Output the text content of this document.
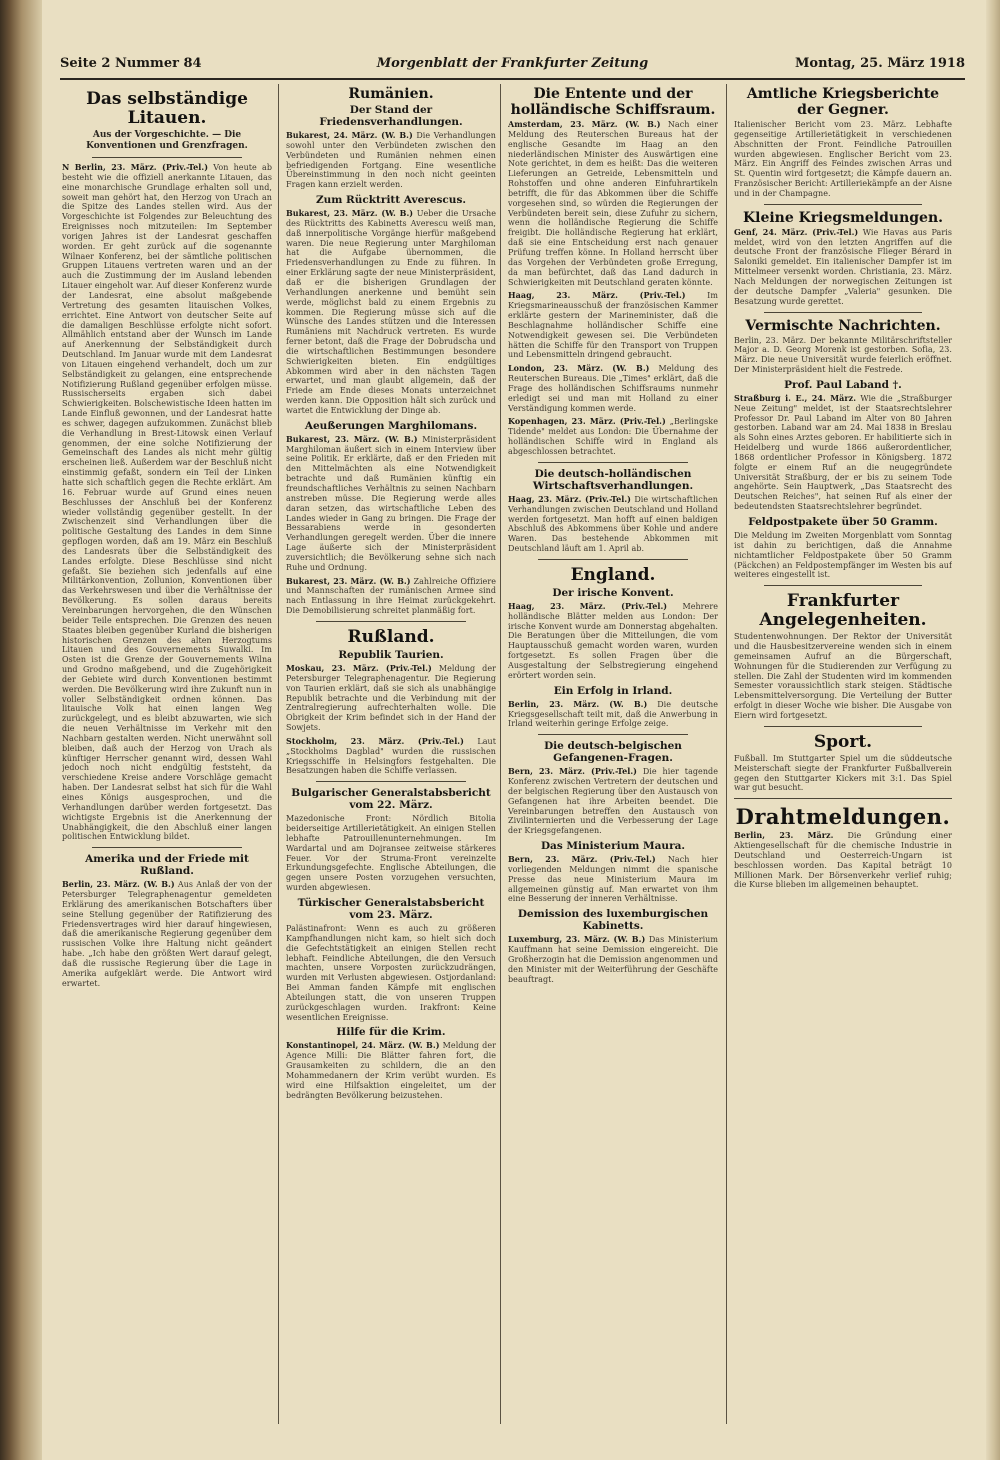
Seite 2 Nummer 84	Morgenblatt der Frankfurter Zeitung	Montag, 25. März 1918
Das selbständige Litauen.
Aus der Vorgeschichte. — Die Konventionen und Grenzfragen.

N Berlin, 23. März. (Priv.-Tel.) Von heute ab besteht wie die offiziell anerkannte Litauen, das eine monarchische Grundlage erhalten soll und, soweit man gehört hat, den Herzog von Urach an die Spitze des Landes stellen wird. Aus der Vorgeschichte ist Folgendes zur Beleuchtung des Ereignisses noch mitzuteilen: Im September vorigen Jahres ist der Landesrat geschaffen worden. Er geht zurück auf die sogenannte Wilnaer Konferenz, bei der sämtliche politischen Gruppen Litauens vertreten waren und an der auch die Zustimmung der im Ausland lebenden Litauer eingeholt war. Auf dieser Konferenz wurde der Landesrat, eine absolut maßgebende Vertretung des gesamten litauischen Volkes, errichtet. Eine Antwort von deutscher Seite auf die damaligen Beschlüsse erfolgte nicht sofort. Allmählich entstand aber der Wunsch im Lande auf Anerkennung der Selbständigkeit durch Deutschland. Im Januar wurde mit dem Landesrat von Litauen eingehend verhandelt, doch um zur Selbständigkeit zu gelangen, eine entsprechende Notifizierung Rußland gegenüber erfolgen müsse. Russischerseits ergaben sich dabei Schwierigkeiten. Bolschewistische Ideen hatten im Lande Einfluß gewonnen, und der Landesrat hatte es schwer, dagegen aufzukommen. Zunächst blieb die Verhandlung in Brest-Litowsk einen Verlauf genommen, der eine solche Notifizierung der Gemeinschaft des Landes als nicht mehr gültig erscheinen ließ. Außerdem war der Beschluß nicht einstimmig gefaßt, sondern ein Teil der Linken hatte sich schaftlich gegen die Rechte erklärt. Am 16. Februar wurde auf Grund eines neuen Beschlusses der Anschluß bei der Konferenz wieder vollständig gegenüber gestellt. In der Zwischenzeit sind Verhandlungen über die politische Gestaltung des Landes in dem Sinne gepflogen worden, daß am 19. März ein Beschluß des Landesrats über die Selbständigkeit des Landes erfolgte. Diese Beschlüsse sind nicht gefaßt. Sie beziehen sich jedenfalls auf eine Militärkonvention, Zollunion, Konventionen über das Verkehrswesen und über die Verhältnisse der Bevölkerung. Es sollen daraus bereits Vereinbarungen hervorgehen, die den Wünschen beider Teile entsprechen. Die Grenzen des neuen Staates bleiben gegenüber Kurland die bisherigen historischen Grenzen des alten Herzogtums Litauen und des Gouvernements Suwalki. Im Osten ist die Grenze der Gouvernements Wilna und Grodno maßgebend, und die Zugehörigkeit der Gebiete wird durch Konventionen bestimmt werden. Die Bevölkerung wird ihre Zukunft nun in voller Selbständigkeit ordnen können. Das litauische Volk hat einen langen Weg zurückgelegt, und es bleibt abzuwarten, wie sich die neuen Verhältnisse im Verkehr mit den Nachbarn gestalten werden. Nicht unerwähnt soll bleiben, daß auch der Herzog von Urach als künftiger Herrscher genannt wird, dessen Wahl jedoch noch nicht endgültig feststeht, da verschiedene Kreise andere Vorschläge gemacht haben. Der Landesrat selbst hat sich für die Wahl eines Königs ausgesprochen, und die Verhandlungen darüber werden fortgesetzt. Das wichtigste Ergebnis ist die Anerkennung der Unabhängigkeit, die den Abschluß einer langen politischen Entwicklung bildet.

Amerika und der Friede mit Rußland.

Berlin, 23. März. (W. B.) Aus Anlaß der von der Petersburger Telegraphenagentur gemeldeten Erklärung des amerikanischen Botschafters über seine Stellung gegenüber der Ratifizierung des Friedensvertrages wird hier darauf hingewiesen, daß die amerikanische Regierung gegenüber dem russischen Volke ihre Haltung nicht geändert habe. „Ich habe den größten Wert darauf gelegt, daß die russische Regierung über die Lage in Amerika aufgeklärt werde. Die Antwort wird erwartet.

Rumänien.
Der Stand der Friedensverhandlungen.

Bukarest, 24. März. (W. B.) Die Verhandlungen sowohl unter den Verbündeten zwischen den Verbündeten und Rumänien nehmen einen befriedigenden Fortgang. Eine wesentliche Übereinstimmung in den noch nicht geeinten Fragen kann erzielt werden.

Zum Rücktritt Averescus.

Bukarest, 23. März. (W. B.) Ueber die Ursache des Rücktritts des Kabinetts Averescu weiß man, daß innerpolitische Vorgänge hierfür maßgebend waren. Die neue Regierung unter Marghiloman hat die Aufgabe übernommen, die Friedensverhandlungen zu Ende zu führen. In einer Erklärung sagte der neue Ministerpräsident, daß er die bisherigen Grundlagen der Verhandlungen anerkenne und bemüht sein werde, möglichst bald zu einem Ergebnis zu kommen. Die Regierung müsse sich auf die Wünsche des Landes stützen und die Interessen Rumäniens mit Nachdruck vertreten. Es wurde ferner betont, daß die Frage der Dobrudscha und die wirtschaftlichen Bestimmungen besondere Schwierigkeiten bieten. Ein endgültiges Abkommen wird aber in den nächsten Tagen erwartet, und man glaubt allgemein, daß der Friede am Ende dieses Monats unterzeichnet werden kann. Die Opposition hält sich zurück und wartet die Entwicklung der Dinge ab.

Aeußerungen Marghilomans.

Bukarest, 23. März. (W. B.) Ministerpräsident Marghiloman äußert sich in einem Interview über seine Politik. Er erklärte, daß er den Frieden mit den Mittelmächten als eine Notwendigkeit betrachte und daß Rumänien künftig ein freundschaftliches Verhältnis zu seinen Nachbarn anstreben müsse. Die Regierung werde alles daran setzen, das wirtschaftliche Leben des Landes wieder in Gang zu bringen. Die Frage der Bessarabiens werde in gesonderten Verhandlungen geregelt werden. Über die innere Lage äußerte sich der Ministerpräsident zuversichtlich; die Bevölkerung sehne sich nach Ruhe und Ordnung.

Bukarest, 23. März. (W. B.) Zahlreiche Offiziere und Mannschaften der rumänischen Armee sind nach Entlassung in ihre Heimat zurückgekehrt. Die Demobilisierung schreitet planmäßig fort.

Rußland.
Republik Taurien.

Moskau, 23. März. (Priv.-Tel.) Meldung der Petersburger Telegraphenagentur. Die Regierung von Taurien erklärt, daß sie sich als unabhängige Republik betrachte und die Verbindung mit der Zentralregierung aufrechterhalten wolle. Die Obrigkeit der Krim befindet sich in der Hand der Sowjets.

Stockholm, 23. März. (Priv.-Tel.) Laut „Stockholms Dagblad" wurden die russischen Kriegsschiffe in Helsingfors festgehalten. Die Besatzungen haben die Schiffe verlassen.

Bulgarischer Generalstabsbericht vom 22. März.

Mazedonische Front: Nördlich Bitolia beiderseitige Artillerietätigkeit. An einigen Stellen lebhafte Patrouillenunternehmungen. Im Wardartal und am Dojransee zeitweise stärkeres Feuer. Vor der Struma-Front vereinzelte Erkundungsgefechte. Englische Abteilungen, die gegen unsere Posten vorzugehen versuchten, wurden abgewiesen.

Türkischer Generalstabsbericht vom 23. März.

Palästinafront: Wenn es auch zu größeren Kampfhandlungen nicht kam, so hielt sich doch die Gefechtstätigkeit an einigen Stellen recht lebhaft. Feindliche Abteilungen, die den Versuch machten, unsere Vorposten zurückzudrängen, wurden mit Verlusten abgewiesen. Ostjordanland: Bei Amman fanden Kämpfe mit englischen Abteilungen statt, die von unseren Truppen zurückgeschlagen wurden. Irakfront: Keine wesentlichen Ereignisse.

Hilfe für die Krim.

Konstantinopel, 24. März. (W. B.) Meldung der Agence Milli: Die Blätter fahren fort, die Grausamkeiten zu schildern, die an den Mohammedanern der Krim verübt wurden. Es wird eine Hilfsaktion eingeleitet, um der bedrängten Bevölkerung beizustehen.

Die Entente und der holländische Schiffsraum.

Amsterdam, 23. März. (W. B.) Nach einer Meldung des Reuterschen Bureaus hat der englische Gesandte im Haag an den niederländischen Minister des Auswärtigen eine Note gerichtet, in dem es heißt: Das die weiteren Lieferungen an Getreide, Lebensmitteln und Rohstoffen und ohne anderen Einfuhrartikeln betrifft, die für das Abkommen über die Schiffe vorgesehen sind, so würden die Regierungen der Verbündeten bereit sein, diese Zufuhr zu sichern, wenn die holländische Regierung die Schiffe freigibt. Die holländische Regierung hat erklärt, daß sie eine Entscheidung erst nach genauer Prüfung treffen könne. In Holland herrscht über das Vorgehen der Verbündeten große Erregung, da man befürchtet, daß das Land dadurch in Schwierigkeiten mit Deutschland geraten könnte.

Haag, 23. März. (Priv.-Tel.)	Im Kriegsmarineausschuß der französischen Kammer erklärte gestern der Marineminister, daß die Beschlagnahme holländischer Schiffe eine Notwendigkeit gewesen sei. Die Verbündeten hätten die Schiffe für den Transport von Truppen und Lebensmitteln dringend gebraucht.

London, 23. März. (W. B.) Meldung des Reuterschen Bureaus. Die „Times" erklärt, daß die Frage des holländischen Schiffsraums nunmehr erledigt sei und man mit Holland zu einer Verständigung kommen werde.

Kopenhagen, 23. März. (Priv.-Tel.) „Berlingske Tidende" meldet aus London: Die Übernahme der holländischen Schiffe wird in England als abgeschlossen betrachtet.

Die deutsch-holländischen Wirtschaftsverhandlungen.

Haag, 23. März. (Priv.-Tel.) Die wirtschaftlichen Verhandlungen zwischen Deutschland und Holland werden fortgesetzt. Man hofft auf einen baldigen Abschluß des Abkommens über Kohle und andere Waren. Das bestehende Abkommen mit Deutschland läuft am 1. April ab.

England.
Der irische Konvent.

Haag, 23. März. (Priv.-Tel.) Mehrere holländische Blätter melden aus London: Der irische Konvent wurde am Donnerstag abgehalten. Die Beratungen über die Mitteilungen, die vom Hauptausschuß gemacht worden waren, wurden fortgesetzt. Es sollen Fragen über die Ausgestaltung der Selbstregierung eingehend erörtert worden sein.

Ein Erfolg in Irland.

Berlin, 23. März. (W. B.) Die deutsche Kriegsgesellschaft teilt mit, daß die Anwerbung in Irland weiterhin geringe Erfolge zeige.

Die deutsch-belgischen Gefangenen-Fragen.

Bern, 23. März. (Priv.-Tel.) Die hier tagende Konferenz zwischen Vertretern der deutschen und der belgischen Regierung über den Austausch von Gefangenen hat ihre Arbeiten beendet. Die Vereinbarungen betreffen den Austausch von Zivilinternierten und die Verbesserung der Lage der Kriegsgefangenen.

Das Ministerium Maura.

Bern, 23. März. (Priv.-Tel.) Nach hier vorliegenden Meldungen nimmt die spanische Presse das neue Ministerium Maura im allgemeinen günstig auf. Man erwartet von ihm eine Besserung der inneren Verhältnisse.

Demission des luxemburgischen Kabinetts.

Luxemburg, 23. März. (W. B.) Das Ministerium Kauffmann hat seine Demission eingereicht. Die Großherzogin hat die Demission angenommen und den Minister mit der Weiterführung der Geschäfte beauftragt.

Amtliche Kriegsberichte der Gegner.

Italienischer Bericht vom 23. März. Lebhafte gegenseitige Artillerietätigkeit in verschiedenen Abschnitten der Front. Feindliche Patrouillen wurden abgewiesen. Englischer Bericht vom 23. März. Ein Angriff des Feindes zwischen Arras und St. Quentin wird fortgesetzt; die Kämpfe dauern an. Französischer Bericht: Artilleriekämpfe an der Aisne und in der Champagne.

Kleine Kriegsmeldungen.

Genf, 24. März. (Priv.-Tel.) Wie Havas aus Paris meldet, wird von den letzten Angriffen auf die deutsche Front der französische Flieger Bérard in Saloniki gemeldet. Ein italienischer Dampfer ist im Mittelmeer versenkt worden. Christiania, 23. März. Nach Meldungen der norwegischen Zeitungen ist der deutsche Dampfer „Valeria" gesunken. Die Besatzung wurde gerettet.

Vermischte Nachrichten.

Berlin, 23. März. Der bekannte Militärschriftsteller Major a. D. Georg Morenk ist gestorben. Sofia, 23. März. Die neue Universität wurde feierlich eröffnet. Der Ministerpräsident hielt die Festrede.

Prof. Paul Laband †.

Straßburg i. E., 24. März. Wie die „Straßburger Neue Zeitung" meldet, ist der Staatsrechtslehrer Professor Dr. Paul Laband im Alter von 80 Jahren gestorben. Laband war am 24. Mai 1838 in Breslau als Sohn eines Arztes geboren. Er habilitierte sich in Heidelberg und wurde 1866 außerordentlicher, 1868 ordentlicher Professor in Königsberg. 1872 folgte er einem Ruf an die neugegründete Universität Straßburg, der er bis zu seinem Tode angehörte. Sein Hauptwerk, „Das Staatsrecht des Deutschen Reiches", hat seinen Ruf als einer der bedeutendsten Staatsrechtslehrer begründet.

Feldpostpakete über 50 Gramm.

Die Meldung im Zweiten Morgenblatt vom Sonntag ist dahin zu berichtigen, daß die Annahme nichtamtlicher Feldpostpakete über 50 Gramm (Päckchen) an Feldpostempfänger im Westen bis auf weiteres eingestellt ist.

Frankfurter Angelegenheiten.

Studentenwohnungen. Der Rektor der Universität und die Hausbesitzervereine wenden sich in einem gemeinsamen Aufruf an die Bürgerschaft, Wohnungen für die Studierenden zur Verfügung zu stellen. Die Zahl der Studenten wird im kommenden Semester voraussichtlich stark steigen. Städtische Lebensmittelversorgung. Die Verteilung der Butter erfolgt in dieser Woche wie bisher. Die Ausgabe von Eiern wird fortgesetzt.

Sport.

Fußball. Im Stuttgarter Spiel um die süddeutsche Meisterschaft siegte der Frankfurter Fußballverein gegen den Stuttgarter Kickers mit 3:1. Das Spiel war gut besucht.

Drahtmeldungen.

Berlin, 23. März. Die Gründung einer Aktiengesellschaft für die chemische Industrie in Deutschland und Oesterreich-Ungarn ist beschlossen worden. Das Kapital beträgt 10 Millionen Mark. Der Börsenverkehr verlief ruhig; die Kurse blieben im allgemeinen behauptet.
